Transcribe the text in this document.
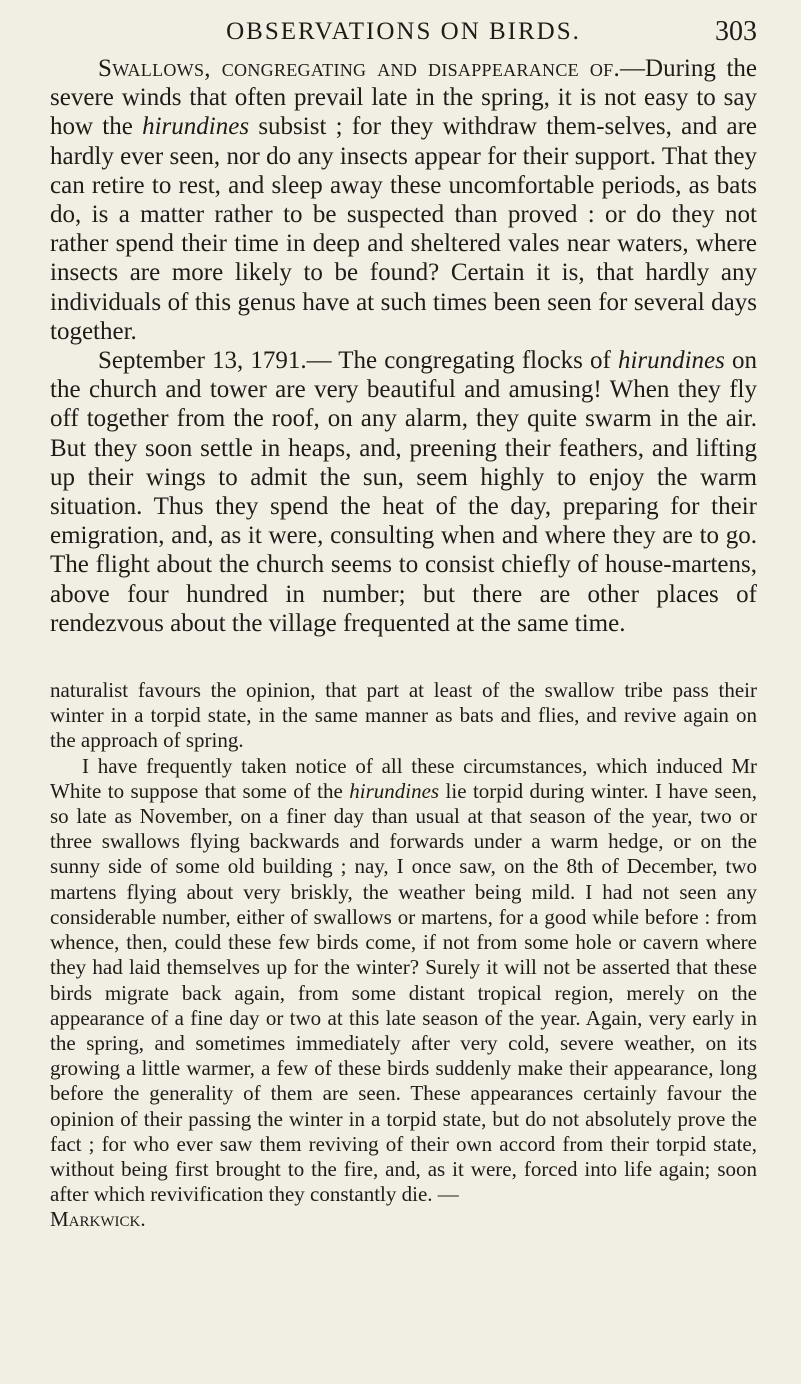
OBSERVATIONS ON BIRDS.	303

Swallows, congregating and disappearance of.—During the severe winds that often prevail late in the spring, it is not easy to say how the hirundines subsist ; for they withdraw them-selves, and are hardly ever seen, nor do any insects appear for their support. That they can retire to rest, and sleep away these uncomfortable periods, as bats do, is a matter rather to be suspected than proved : or do they not rather spend their time in deep and sheltered vales near waters, where insects are more likely to be found? Certain it is, that hardly any individuals of this genus have at such times been seen for several days together.

September 13, 1791.— The congregating flocks of hirundines on the church and tower are very beautiful and amusing! When they fly off together from the roof, on any alarm, they quite swarm in the air. But they soon settle in heaps, and, preening their feathers, and lifting up their wings to admit the sun, seem highly to enjoy the warm situation. Thus they spend the heat of the day, preparing for their emigration, and, as it were, consulting when and where they are to go. The flight about the church seems to consist chiefly of house-martens, above four hundred in number; but there are other places of rendezvous about the village frequented at the same time.

naturalist favours the opinion, that part at least of the swallow tribe pass their winter in a torpid state, in the same manner as bats and flies, and revive again on the approach of spring.

I have frequently taken notice of all these circumstances, which induced Mr White to suppose that some of the hirundines lie torpid during winter. I have seen, so late as November, on a finer day than usual at that season of the year, two or three swallows flying backwards and forwards under a warm hedge, or on the sunny side of some old building ; nay, I once saw, on the 8th of December, two martens flying about very briskly, the weather being mild. I had not seen any considerable number, either of swallows or martens, for a good while before : from whence, then, could these few birds come, if not from some hole or cavern where they had laid themselves up for the winter? Surely it will not be asserted that these birds migrate back again, from some distant tropical region, merely on the appearance of a fine day or two at this late season of the year. Again, very early in the spring, and sometimes immediately after very cold, severe weather, on its growing a little warmer, a few of these birds suddenly make their appearance, long before the generality of them are seen. These appearances certainly favour the opinion of their passing the winter in a torpid state, but do not absolutely prove the fact ; for who ever saw them reviving of their own accord from their torpid state, without being first brought to the fire, and, as it were, forced into life again; soon after which revivification they constantly die. —

Markwick.
